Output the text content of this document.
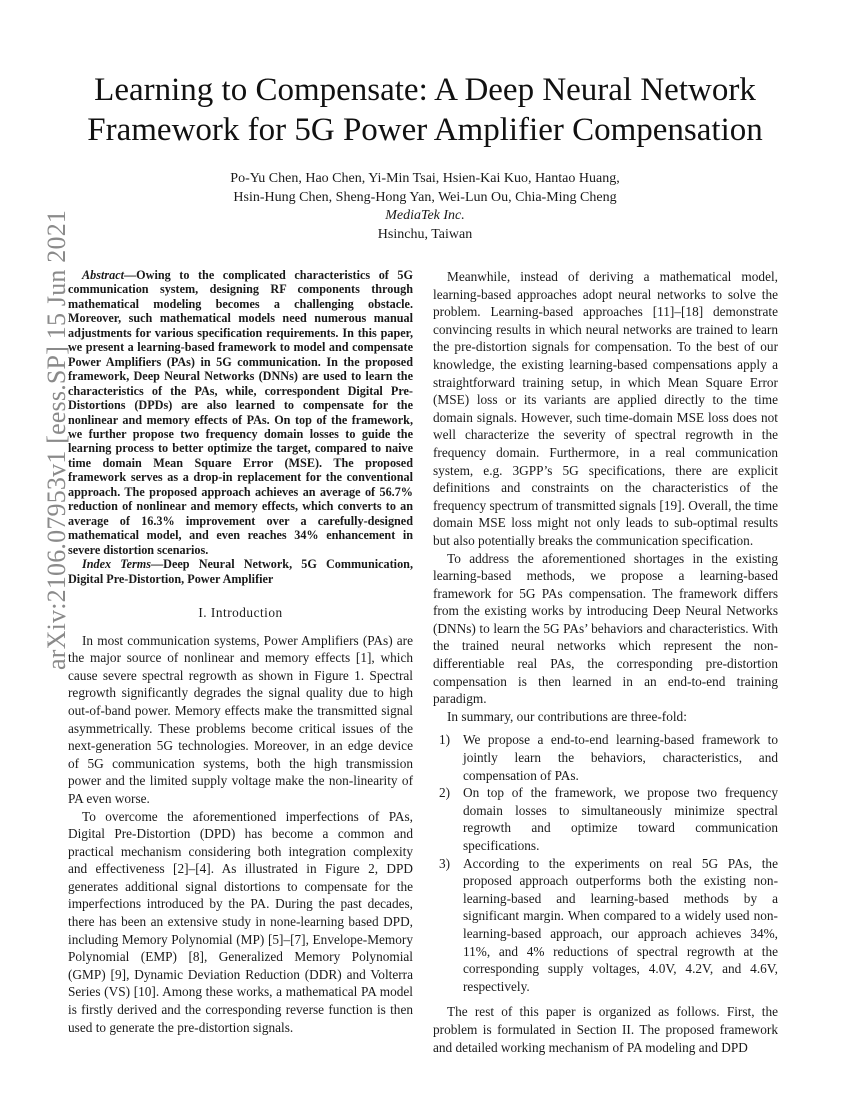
arXiv:2106.07953v1 [eess.SP] 15 Jun 2021
Learning to Compensate: A Deep Neural Network
Framework for 5G Power Amplifier Compensation
Po-Yu Chen, Hao Chen, Yi-Min Tsai, Hsien-Kai Kuo, Hantao Huang,
Hsin-Hung Chen, Sheng-Hong Yan, Wei-Lun Ou, Chia-Ming Cheng
MediaTek Inc.
Hsinchu, Taiwan

Abstract—Owing to the complicated characteristics of 5G communication system, designing RF components through mathematical modeling becomes a challenging obstacle. Moreover, such mathematical models need numerous manual adjustments for various specification requirements. In this paper, we present a learning-based framework to model and compensate Power Amplifiers (PAs) in 5G communication. In the proposed framework, Deep Neural Networks (DNNs) are used to learn the characteristics of the PAs, while, correspondent Digital Pre-Distortions (DPDs) are also learned to compensate for the nonlinear and memory effects of PAs. On top of the framework, we further propose two frequency domain losses to guide the learning process to better optimize the target, compared to naive time domain Mean Square Error (MSE). The proposed framework serves as a drop-in replacement for the conventional approach. The proposed approach achieves an average of 56.7% reduction of nonlinear and memory effects, which converts to an average of 16.3% improvement over a carefully-designed mathematical model, and even reaches 34% enhancement in severe distortion scenarios.

Index Terms—Deep Neural Network, 5G Communication, Digital Pre-Distortion, Power Amplifier

I. Introduction

In most communication systems, Power Amplifiers (PAs) are the major source of nonlinear and memory effects [1], which cause severe spectral regrowth as shown in Figure 1. Spectral regrowth significantly degrades the signal quality due to high out-of-band power. Memory effects make the transmitted signal asymmetrically. These problems become critical issues of the next-generation 5G technologies. Moreover, in an edge device of 5G communication systems, both the high transmission power and the limited supply voltage make the non-linearity of PA even worse.

To overcome the aforementioned imperfections of PAs, Digital Pre-Distortion (DPD) has become a common and practical mechanism considering both integration complexity and effectiveness [2]–[4]. As illustrated in Figure 2, DPD generates additional signal distortions to compensate for the imperfections introduced by the PA. During the past decades, there has been an extensive study in none-learning based DPD, including Memory Polynomial (MP) [5]–[7], Envelope-Memory Polynomial (EMP) [8], Generalized Memory Polynomial (GMP) [9], Dynamic Deviation Reduction (DDR) and Volterra Series (VS) [10]. Among these works, a mathematical PA model is firstly derived and the corresponding reverse function is then used to generate the pre-distortion signals.

Meanwhile, instead of deriving a mathematical model, learning-based approaches adopt neural networks to solve the problem. Learning-based approaches [11]–[18] demonstrate convincing results in which neural networks are trained to learn the pre-distortion signals for compensation. To the best of our knowledge, the existing learning-based compensations apply a straightforward training setup, in which Mean Square Error (MSE) loss or its variants are applied directly to the time domain signals. However, such time-domain MSE loss does not well characterize the severity of spectral regrowth in the frequency domain. Furthermore, in a real communication system, e.g. 3GPP’s 5G specifications, there are explicit definitions and constraints on the characteristics of the frequency spectrum of transmitted signals [19]. Overall, the time domain MSE loss might not only leads to sub-optimal results but also potentially breaks the communication specification.

To address the aforementioned shortages in the existing learning-based methods, we propose a learning-based framework for 5G PAs compensation. The framework differs from the existing works by introducing Deep Neural Networks (DNNs) to learn the 5G PAs’ behaviors and characteristics. With the trained neural networks which represent the non-differentiable real PAs, the corresponding pre-distortion compensation is then learned in an end-to-end training paradigm.

In summary, our contributions are three-fold:

1) We propose a end-to-end learning-based framework to jointly learn the behaviors, characteristics, and compensation of PAs.
2) On top of the framework, we propose two frequency domain losses to simultaneously minimize spectral regrowth and optimize toward communication specifications.
3) According to the experiments on real 5G PAs, the proposed approach outperforms both the existing non-learning-based and learning-based methods by a significant margin. When compared to a widely used non-learning-based approach, our approach achieves 34%, 11%, and 4% reductions of spectral regrowth at the corresponding supply voltages, 4.0V, 4.2V, and 4.6V, respectively.

The rest of this paper is organized as follows. First, the problem is formulated in Section II. The proposed framework and detailed working mechanism of PA modeling and DPD
